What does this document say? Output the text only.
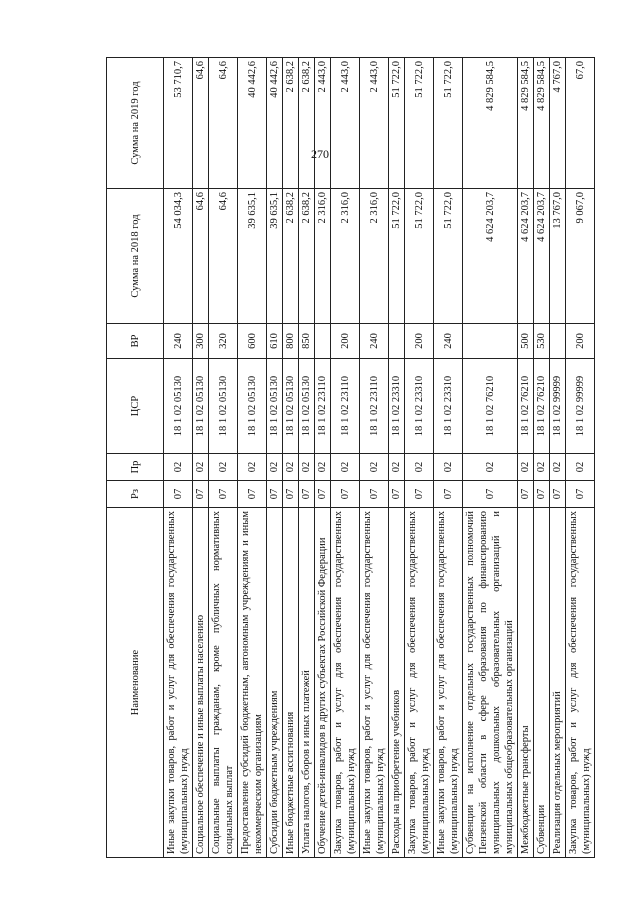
270
Наименование	Рз	Пр	ЦСР	ВР	Сумма на 2018 год	Сумма на 2019 год
Иные закупки товаров, работ и услуг для обеспечения государственных (муниципальных) нужд	07	02	18 1 02 05130	240	54 034,3	53 710,7
Социальное обеспечение и иные выплаты населению	07	02	18 1 02 05130	300	64,6	64,6
Социальные выплаты гражданам, кроме публичных нормативных социальных выплат	07	02	18 1 02 05130	320	64,6	64,6
Предоставление субсидий бюджетным, автономным учреждениям и иным некоммерческим организациям	07	02	18 1 02 05130	600	39 635,1	40 442,6
Субсидии бюджетным учреждениям	07	02	18 1 02 05130	610	39 635,1	40 442,6
Иные бюджетные ассигнования	07	02	18 1 02 05130	800	2 638,2	2 638,2
Уплата налогов, сборов и иных платежей	07	02	18 1 02 05130	850	2 638,2	2 638,2
Обучение детей-инвалидов в других субъектах Российской Федерации	07	02	18 1 02 23110		2 316,0	2 443,0
Закупка товаров, работ и услуг для обеспечения государственных (муниципальных) нужд	07	02	18 1 02 23110	200	2 316,0	2 443,0
Иные закупки товаров, работ и услуг для обеспечения государственных (муниципальных) нужд	07	02	18 1 02 23110	240	2 316,0	2 443,0
Расходы на приобретение учебников	07	02	18 1 02 23310		51 722,0	51 722,0
Закупка товаров, работ и услуг для обеспечения государственных (муниципальных) нужд	07	02	18 1 02 23310	200	51 722,0	51 722,0
Иные закупки товаров, работ и услуг для обеспечения государственных (муниципальных) нужд	07	02	18 1 02 23310	240	51 722,0	51 722,0
Субвенции на исполнение отдельных государственных полномочий Пензенской области в сфере образования по финансированию муниципальных дошкольных образовательных организаций и муниципальных общеобразовательных организаций	07	02	18 1 02 76210		4 624 203,7	4 829 584,5
Межбюджетные трансферты	07	02	18 1 02 76210	500	4 624 203,7	4 829 584,5
Субвенции	07	02	18 1 02 76210	530	4 624 203,7	4 829 584,5
Реализация отдельных мероприятий	07	02	18 1 02 99999		13 767,0	4 767,0
Закупка товаров, работ и услуг для обеспечения государственных (муниципальных) нужд	07	02	18 1 02 99999	200	9 067,0	67,0
